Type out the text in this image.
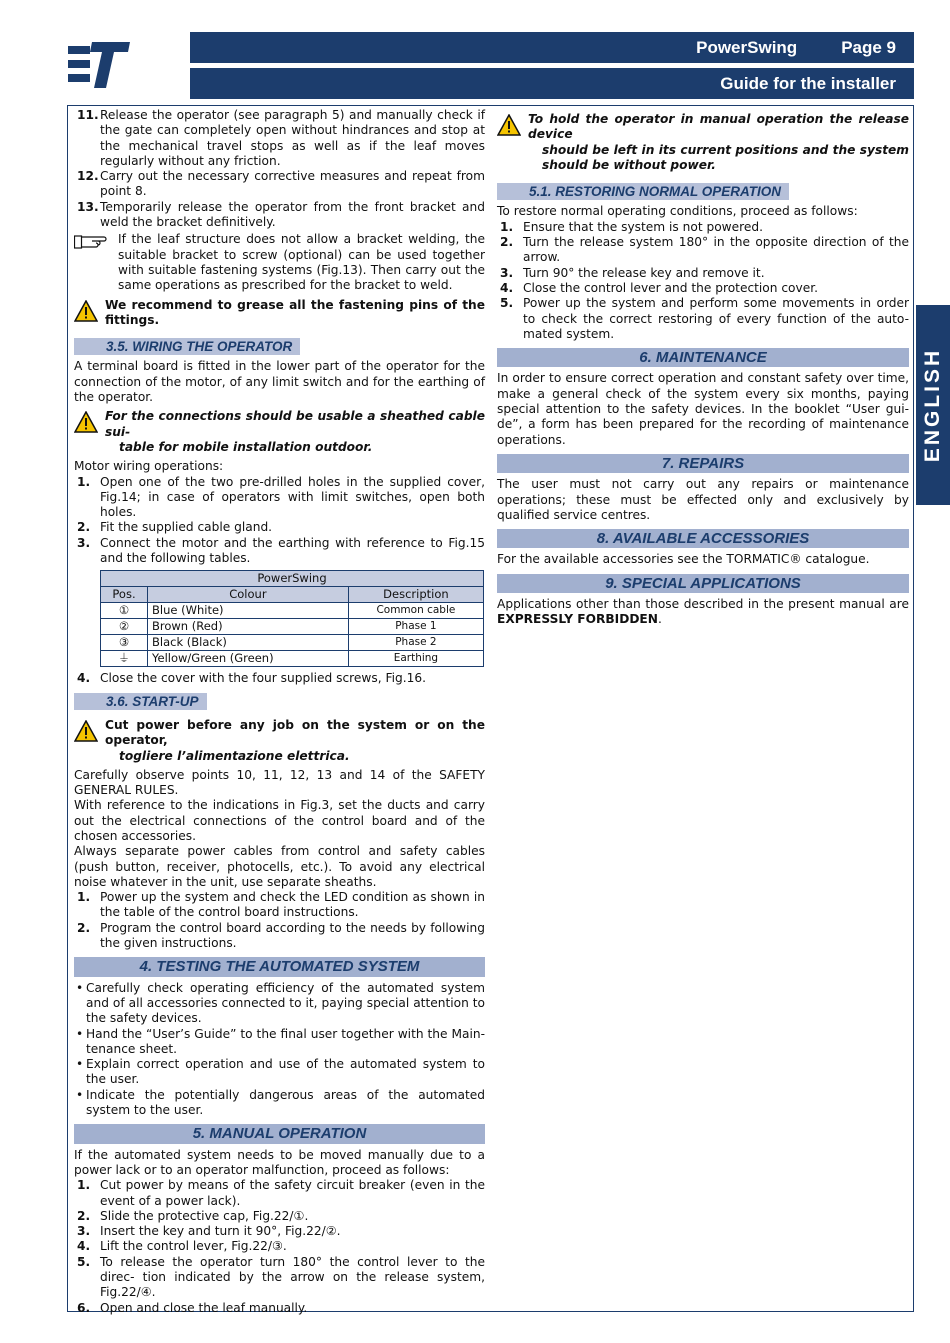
PowerSwing	Page 9
Guide for the installer
ENGLISH
11. Release the operator (see paragraph 5) and manually check if the gate can completely open without hindrances and stop at the mechanical travel stops as well as if the leaf moves regularly without any friction.
12. Carry out the necessary corrective measures and repeat from point 8.
13. Temporarily release the operator from the front bracket and weld the bracket definitively.
If the leaf structure does not allow a bracket welding, the suitable bracket to screw (optional) can be used together with suitable fastening systems (Fig.13). Then carry out the same operations as prescribed for the bracket to weld.
We recommend to grease all the fastening pins of the fittings.
3.5. WIRING THE OPERATOR

A terminal board is fitted in the lower part of the operator for the connection of the motor, of any limit switch and for the earthing of the operator.

For the connections should be usable a sheathed cable sui-
table for mobile installation outdoor.

Motor wiring operations:

1. Open one of the two pre-drilled holes in the supplied cover, Fig.14; in case of operators with limit switches, open both holes.
2. Fit the supplied cable gland.
3. Connect the motor and the earthing with reference to Fig.15 and the following tables.
PowerSwing		
Pos.	Colour	Description
①	Blue (White)	Common cable
②	Brown (Red)	Phase 1
③	Black (Black)	Phase 2
⏚	Yellow/Green (Green)	Earthing
4. Close the cover with the four supplied screws, Fig.16.
3.6. START-UP
Cut power before any job on the system or on the operator,
togliere l’alimentazione elettrica.

Carefully observe points 10, 11, 12, 13 and 14 of the SAFETY GENERAL RULES.

With reference to the indications in Fig.3, set the ducts and carry out the electrical connections of the control board and of the chosen accessories.

Always separate power cables from control and safety cables (push button, receiver, photocells, etc.). To avoid any electrical noise whatever in the unit, use separate sheaths.

1. Power up the system and check the LED condition as shown in the table of the control board instructions.
2. Program the control board according to the needs by following the given instructions.
4. TESTING THE AUTOMATED SYSTEM
• Carefully check operating efficiency of the automated system and of all accessories connected to it, paying special attention to the safety devices.
• Hand the “User’s Guide” to the final user together with the Main- tenance sheet.
• Explain correct operation and use of the automated system to the user.
• Indicate the potentially dangerous areas of the automated system to the user.
5. MANUAL OPERATION

If the automated system needs to be moved manually due to a power lack or to an operator malfunction, proceed as follows:

1. Cut power by means of the safety circuit breaker (even in the event of a power lack).
2. Slide the protective cap, Fig.22/①.
3. Insert the key and turn it 90°, Fig.22/②.
4. Lift the control lever, Fig.22/③.
5. To release the operator turn 180° the control lever to the direc- tion indicated by the arrow on the release system, Fig.22/④.
6. Open and close the leaf manually.
To hold the operator in manual operation the release device
should be left in its current positions and the system should be without power.
5.1. RESTORING NORMAL OPERATION

To restore normal operating conditions, proceed as follows:

1. Ensure that the system is not powered.
2. Turn the release system 180° in the opposite direction of the arrow.
3. Turn 90° the release key and remove it.
4. Close the control lever and the protection cover.
5. Power up the system and perform some movements in order to check the correct restoring of every function of the auto- mated system.
6. MAINTENANCE

In order to ensure correct operation and constant safety over time, make a general check of the system every six months, paying special attention to the safety devices. In the booklet “User gui- de”, a form has been prepared for the recording of maintenance operations.

7. REPAIRS

The user must not carry out any repairs or maintenance operations; these must be effected only and exclusively by qualified service centres.

8. AVAILABLE ACCESSORIES

For the available accessories see the TORMATIC® catalogue.

9. SPECIAL APPLICATIONS

Applications other than those described in the present manual are EXPRESSLY FORBIDDEN.
